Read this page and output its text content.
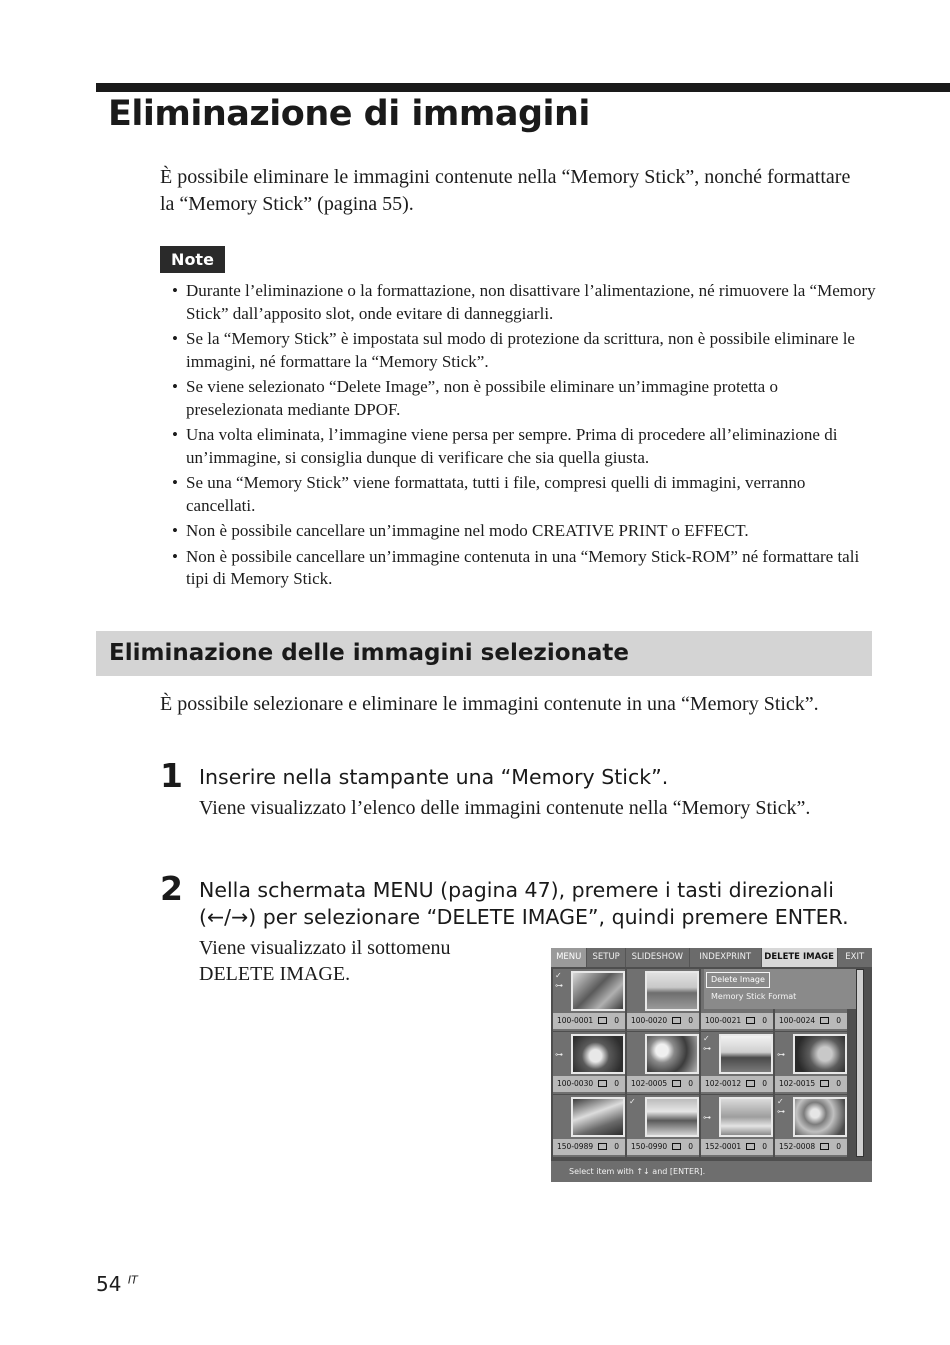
Eliminazione di immagini

È possibile eliminare le immagini contenute nella “Memory Stick”, nonché formattare la “Memory Stick” (pagina 55).

Note
• Durante l’eliminazione o la formattazione, non disattivare l’alimentazione, né rimuovere la “Memory Stick” dall’apposito slot, onde evitare di danneggiarli.
• Se la “Memory Stick” è impostata sul modo di protezione da scrittura, non è possibile eliminare le immagini, né formattare la “Memory Stick”.
• Se viene selezionato “Delete Image”, non è possibile eliminare un’immagine protetta o preselezionata mediante DPOF.
• Una volta eliminata, l’immagine viene persa per sempre. Prima di procedere all’eliminazione di un’immagine, si consiglia dunque di verificare che sia quella giusta.
• Se una “Memory Stick” viene formattata, tutti i file, compresi quelli di immagini, verranno cancellati.
• Non è possibile cancellare un’immagine nel modo CREATIVE PRINT o EFFECT.
• Non è possibile cancellare un’immagine contenuta in una “Memory Stick-ROM” né formattare tali tipi di Memory Stick.
Eliminazione delle immagini selezionate

È possibile selezionare e eliminare le immagini contenute in una “Memory Stick”.

1 Inserire nella stampante una “Memory Stick”.

Viene visualizzato l’elenco delle immagini contenute nella “Memory Stick”.

2 Nella schermata MENU (pagina 47), premere i tasti direzionali

(←/→) per selezionare “DELETE IMAGE”, quindi premere ENTER.

Viene visualizzato il sottomenu

DELETE IMAGE.

MENU	SETUP	SLIDESHOW	INDEXPRINT	DELETE IMAGE	EXIT
✓
⊶
100-0001	0	100-0020	0	100-0021	0	100-0024	0
⊶
100-0030	0	102-0005	0
✓
⊶
102-0012	0
⊶
102-0015	0
150-0989	0
✓
150-0990	0
⊶
152-0001	0
✓
⊶
152-0008	0
Delete Image
Memory Stick Format
Select item with ↑↓ and [ENTER].
54 $^{IT}$
